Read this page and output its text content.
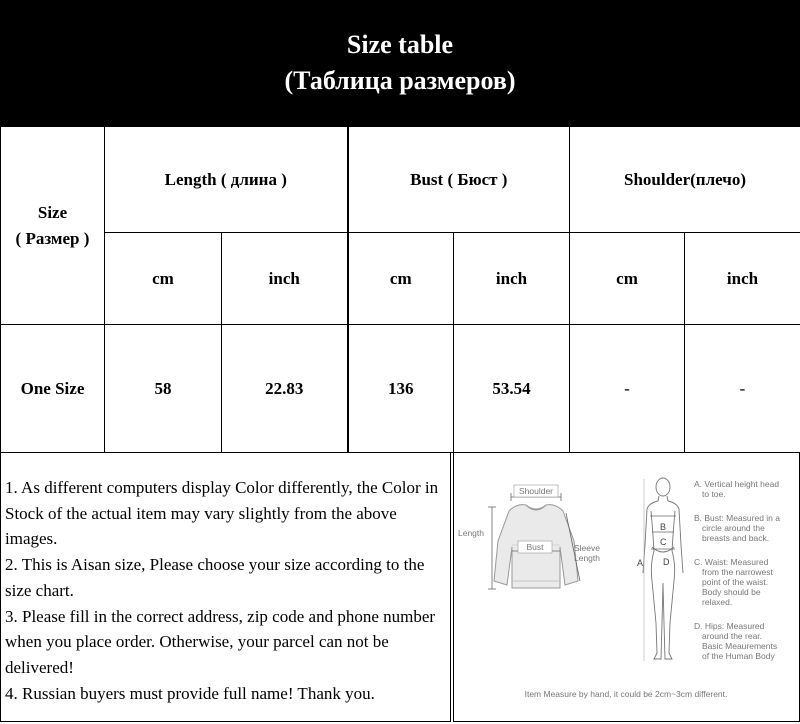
Size table
(Таблица размеров)
Size
( Размер )	Length ( длина )		Bust ( Бюст )		Shoulder(плечо)	
	cm	inch	cm	inch	cm	inch
One Size	58	22.83	136	53.54	-	-

1. As different computers display Color differently, the Color in Stock of the actual item may vary slightly from the above images.

2. This is Aisan size, Please choose your size according to the size chart.

3. Please fill in the correct address, zip code and phone number when you place order. Otherwise, your parcel can not be delivered!

4. Russian buyers must provide full name! Thank you.

Shoulder
Length
Bust	Sleeve
Length	A
B
C
D
A. Vertical height head
to toe.
B. Bust: Measured in a
circle around the
breasts and back.
C. Waist: Measured
from the narrowest
point of the waist.
Body should be
relaxed.
D. Hips: Measured
around the rear.
Basic Meaurements
of the Human Body
Item Measure by hand, it could be 2cm~3cm different.
